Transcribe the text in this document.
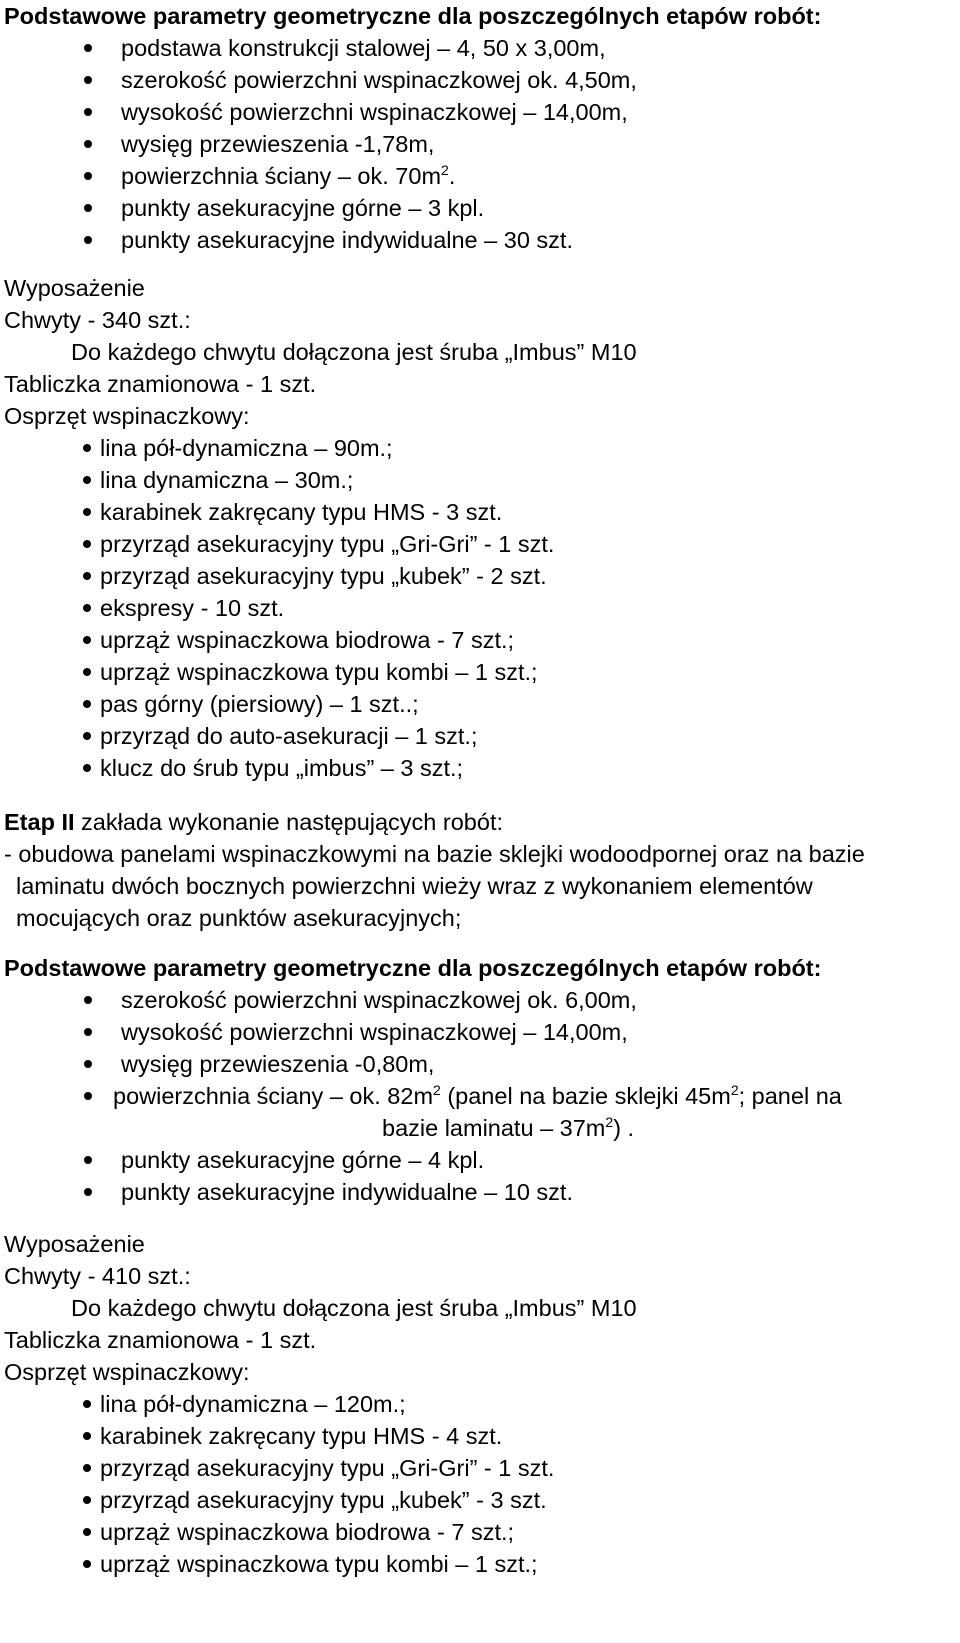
Podstawowe parametry geometryczne dla poszczególnych etapów robót:
podstawa konstrukcji stalowej – 4, 50 x 3,00m,
szerokość powierzchni wspinaczkowej ok. 4,50m,
wysokość powierzchni wspinaczkowej – 14,00m,
wysięg przewieszenia -1,78m,
powierzchnia ściany – ok. $70m^2$.
punkty asekuracyjne górne – 3 kpl.
punkty asekuracyjne indywidualne – 30 szt.
Wyposażenie
Chwyty - 340 szt.:
Do każdego chwytu dołączona jest śruba „Imbus” M10
Tabliczka znamionowa - 1 szt.
Osprzęt wspinaczkowy:
lina pół-dynamiczna – 90m.;
lina dynamiczna – 30m.;
karabinek zakręcany typu HMS - 3 szt.
przyrząd asekuracyjny typu „Gri-Gri” - 1 szt.
przyrząd asekuracyjny typu „kubek” - 2 szt.
ekspresy - 10 szt.
uprząż wspinaczkowa biodrowa - 7 szt.;
uprząż wspinaczkowa typu kombi – 1 szt.;
pas górny (piersiowy) – 1 szt..;
przyrząd do auto-asekuracji – 1 szt.;
klucz do śrub typu „imbus” – 3 szt.;
Etap II zakłada wykonanie następujących robót:
- obudowa panelami wspinaczkowymi na bazie sklejki wodoodpornej oraz na bazie
laminatu dwóch bocznych powierzchni wieży wraz z wykonaniem elementów
mocujących oraz punktów asekuracyjnych;
Podstawowe parametry geometryczne dla poszczególnych etapów robót:
szerokość powierzchni wspinaczkowej ok. 6,00m,
wysokość powierzchni wspinaczkowej – 14,00m,
wysięg przewieszenia -0,80m,
powierzchnia ściany – ok. $82m^2$ (panel na bazie sklejki $45m^2$; panel na
bazie laminatu – $37m^2$) .
punkty asekuracyjne górne – 4 kpl.
punkty asekuracyjne indywidualne – 10 szt.
Wyposażenie
Chwyty - 410 szt.:
Do każdego chwytu dołączona jest śruba „Imbus” M10
Tabliczka znamionowa - 1 szt.
Osprzęt wspinaczkowy:
lina pół-dynamiczna – 120m.;
karabinek zakręcany typu HMS - 4 szt.
przyrząd asekuracyjny typu „Gri-Gri” - 1 szt.
przyrząd asekuracyjny typu „kubek” - 3 szt.
uprząż wspinaczkowa biodrowa - 7 szt.;
uprząż wspinaczkowa typu kombi – 1 szt.;
